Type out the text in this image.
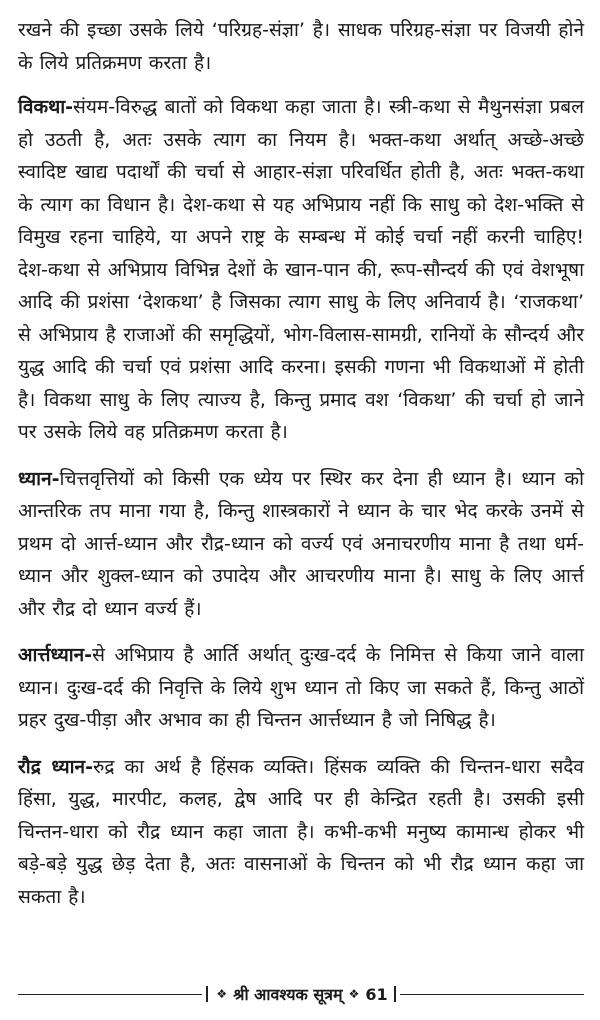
रखने की इच्छा उसके लिये ‘परिग्रह-संज्ञा’ है। साधक परिग्रह-संज्ञा पर विजयी होने के लिये प्रतिक्रमण करता है।

विकथा-संयम-विरुद्ध बातों को विकथा कहा जाता है। स्त्री-कथा से मैथुनसंज्ञा प्रबल हो उठती है, अतः उसके त्याग का नियम है। भक्त-कथा अर्थात् अच्छे-अच्छे स्वादिष्ट खाद्य पदार्थों की चर्चा से आहार-संज्ञा परिवर्धित होती है, अतः भक्त-कथा के त्याग का विधान है। देश-कथा से यह अभिप्राय नहीं कि साधु को देश-भक्ति से विमुख रहना चाहिये, या अपने राष्ट्र के सम्बन्ध में कोई चर्चा नहीं करनी चाहिए! देश-कथा से अभिप्राय विभिन्न देशों के खान-पान की, रूप-सौन्दर्य की एवं वेशभूषा आदि की प्रशंसा ‘देशकथा’ है जिसका त्याग साधु के लिए अनिवार्य है। ‘राजकथा’ से अभिप्राय है राजाओं की समृद्धियों, भोग-विलास-सामग्री, रानियों के सौन्दर्य और युद्ध आदि की चर्चा एवं प्रशंसा आदि करना। इसकी गणना भी विकथाओं में होती है। विकथा साधु के लिए त्याज्य है, किन्तु प्रमाद वश ‘विकथा’ की चर्चा हो जाने पर उसके लिये वह प्रतिक्रमण करता है।

ध्यान-चित्तवृत्तियों को किसी एक ध्येय पर स्थिर कर देना ही ध्यान है। ध्यान को आन्तरिक तप माना गया है, किन्तु शास्त्रकारों ने ध्यान के चार भेद करके उनमें से प्रथम दो आर्त्त-ध्यान और रौद्र-ध्यान को वर्ज्य एवं अनाचरणीय माना है तथा धर्म-ध्यान और शुक्ल-ध्यान को उपादेय और आचरणीय माना है। साधु के लिए आर्त्त और रौद्र दो ध्यान वर्ज्य हैं।

आर्त्तध्यान-से अभिप्राय है आर्ति अर्थात् दुःख-दर्द के निमित्त से किया जाने वाला ध्यान। दुःख-दर्द की निवृत्ति के लिये शुभ ध्यान तो किए जा सकते हैं, किन्तु आठों प्रहर दुख-पीड़ा और अभाव का ही चिन्तन आर्त्तध्यान है जो निषिद्ध है।

रौद्र ध्यान-रुद्र का अर्थ है हिंसक व्यक्ति। हिंसक व्यक्ति की चिन्तन-धारा सदैव हिंसा, युद्ध, मारपीट, कलह, द्वेष आदि पर ही केन्द्रित रहती है। उसकी इसी चिन्तन-धारा को रौद्र ध्यान कहा जाता है। कभी-कभी मनुष्य कामान्ध होकर भी बड़े-बड़े युद्ध छेड़ देता है, अतः वासनाओं के चिन्तन को भी रौद्र ध्यान कहा जा सकता है।

❖ श्री आवश्यक सूत्रम् ❖ 61
